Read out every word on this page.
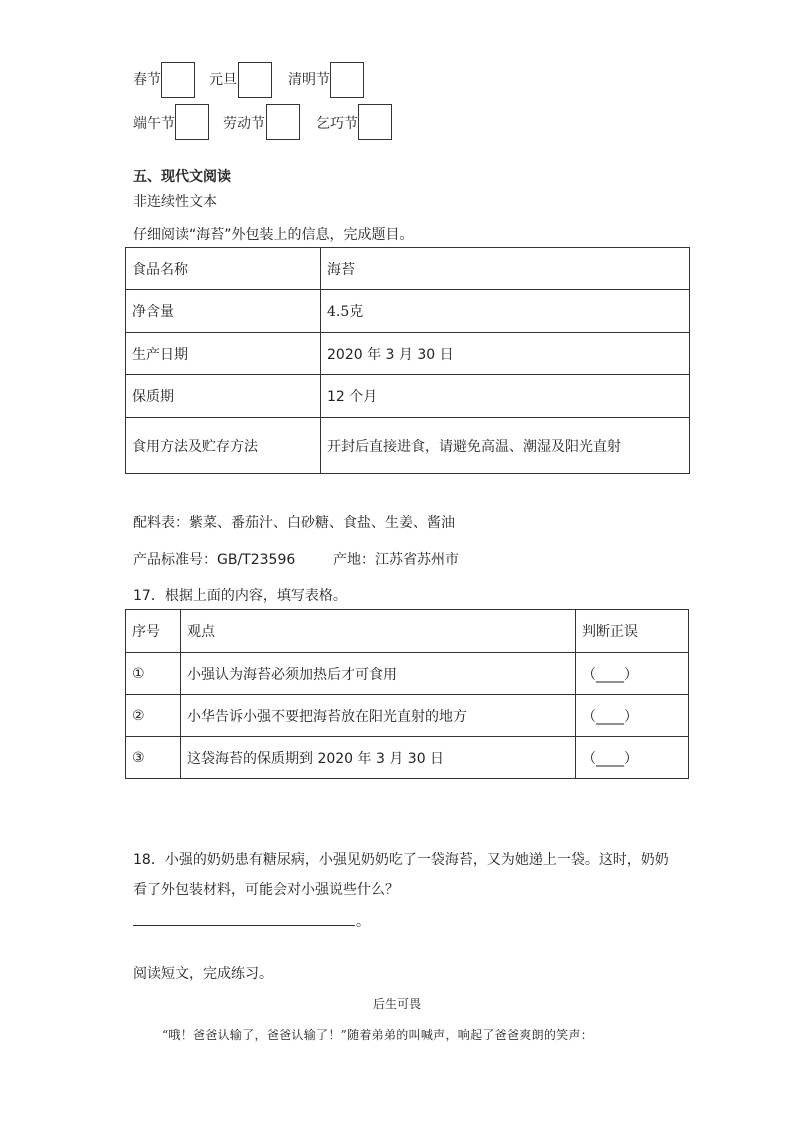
春节	元旦	清明节
端午节	劳动节	乞巧节
五、现代文阅读
非连续性文本
仔细阅读“海苔”外包装上的信息，完成题目。
食品名称	海苔
净含量	4.5克
生产日期	2020 年 3 月 30 日
保质期	12 个月
食用方法及贮存方法	开封后直接进食，请避免高温、潮湿及阳光直射
配料表：紫菜、番茄汁、白砂糖、食盐、生姜、酱油
产品标准号：GB/T23596	产地：江苏省苏州市
17．根据上面的内容，填写表格。
序号	观点	判断正误
①	小强认为海苔必须加热后才可食用	（____）
②	小华告诉小强不要把海苔放在阳光直射的地方	（____）
③	这袋海苔的保质期到 2020 年 3 月 30 日	（____）
18．小强的奶奶患有糖尿病，小强见奶奶吃了一袋海苔，又为她递上一袋。这时，奶奶
看了外包装材料，可能会对小强说些什么？
。
阅读短文，完成练习。
后生可畏
“哦！爸爸认输了，爸爸认输了！”随着弟弟的叫喊声，响起了爸爸爽朗的笑声：
